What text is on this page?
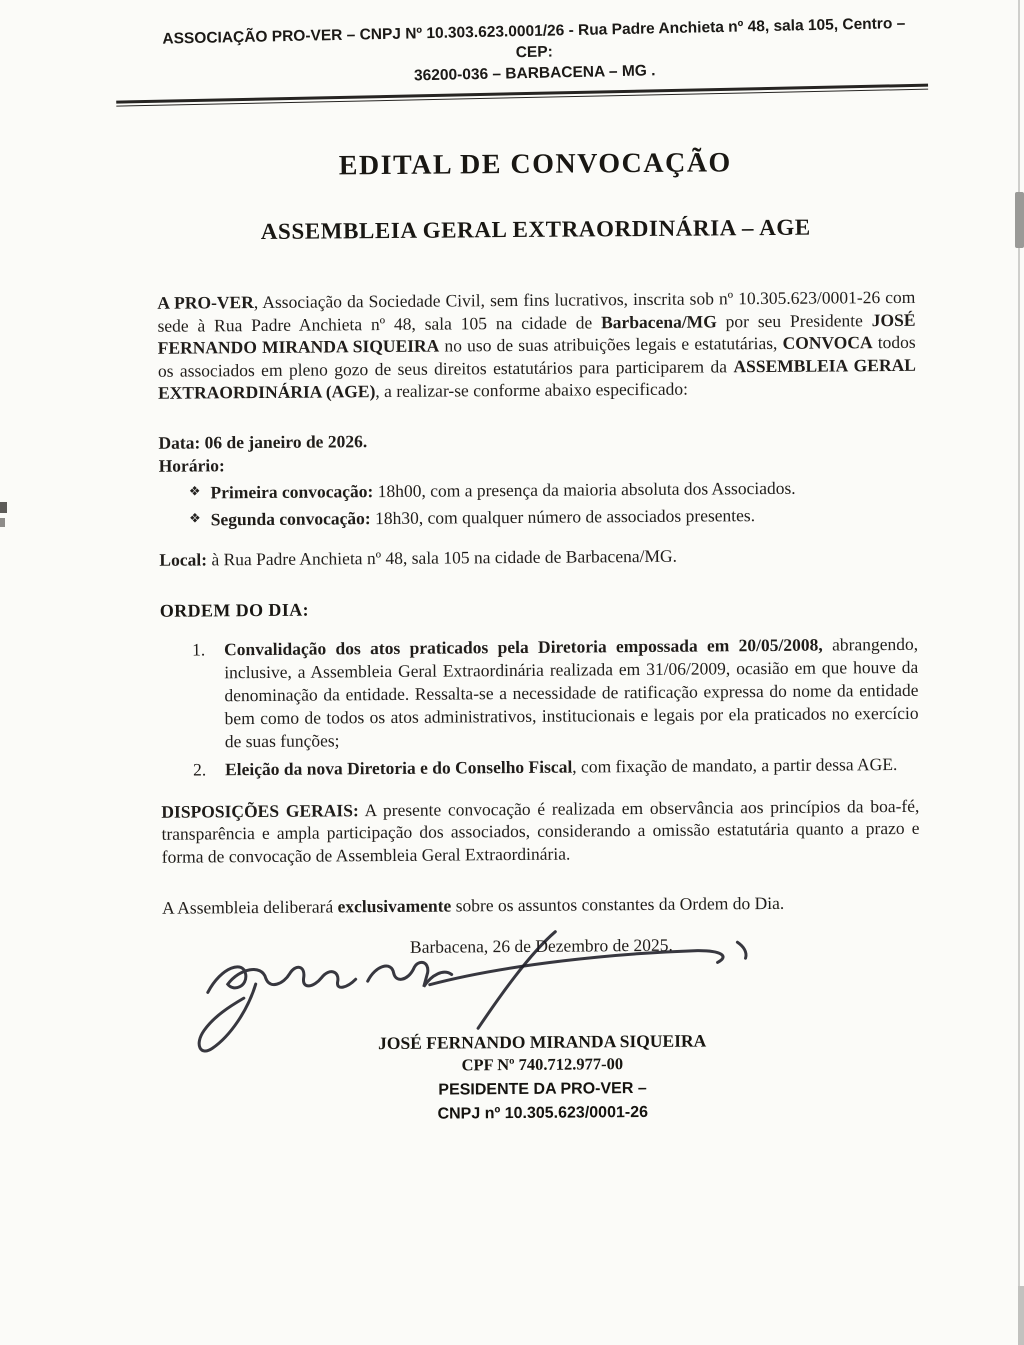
ASSOCIAÇÃO PRO-VER – CNPJ Nº 10.303.623.0001/26 - Rua Padre Anchieta nº 48, sala 105, Centro – CEP:
36200-036 – BARBACENA – MG .
EDITAL DE CONVOCAÇÃO
ASSEMBLEIA GERAL EXTRAORDINÁRIA – AGE

A PRO-VER, Associação da Sociedade Civil, sem fins lucrativos, inscrita sob nº 10.305.623/0001-26 com sede à Rua Padre Anchieta nº 48, sala 105 na cidade de Barbacena/MG por seu Presidente JOSÉ FERNANDO MIRANDA SIQUEIRA no uso de suas atribuições legais e estatutárias, CONVOCA todos os associados em pleno gozo de seus direitos estatutários para participarem da ASSEMBLEIA GERAL EXTRAORDINÁRIA (AGE), a realizar-se conforme abaixo especificado:

Data: 06 de janeiro de 2026.

Horário:

❖ Primeira convocação: 18h00, com a presença da maioria absoluta dos Associados.
❖ Segunda convocação: 18h30, com qualquer número de associados presentes.

Local: à Rua Padre Anchieta nº 48, sala 105 na cidade de Barbacena/MG.

ORDEM DO DIA:
1.	Convalidação dos atos praticados pela Diretoria empossada em 20/05/2008, abrangendo, inclusive, a Assembleia Geral Extraordinária realizada em 31/06/2009, ocasião em que houve da denominação da entidade. Ressalta-se a necessidade de ratificação expressa do nome da entidade bem como de todos os atos administrativos, institucionais e legais por ela praticados no exercício de suas funções;
2.	Eleição da nova Diretoria e do Conselho Fiscal, com fixação de mandato, a partir dessa AGE.

DISPOSIÇÕES GERAIS: A presente convocação é realizada em observância aos princípios da boa-fé, transparência e ampla participação dos associados, considerando a omissão estatutária quanto a prazo e forma de convocação de Assembleia Geral Extraordinária.

A Assembleia deliberará exclusivamente sobre os assuntos constantes da Ordem do Dia.

Barbacena, 26 de Dezembro de 2025.

JOSÉ FERNANDO MIRANDA SIQUEIRA

CPF Nº 740.712.977-00

PESIDENTE DA PRO-VER –

CNPJ nº 10.305.623/0001-26
